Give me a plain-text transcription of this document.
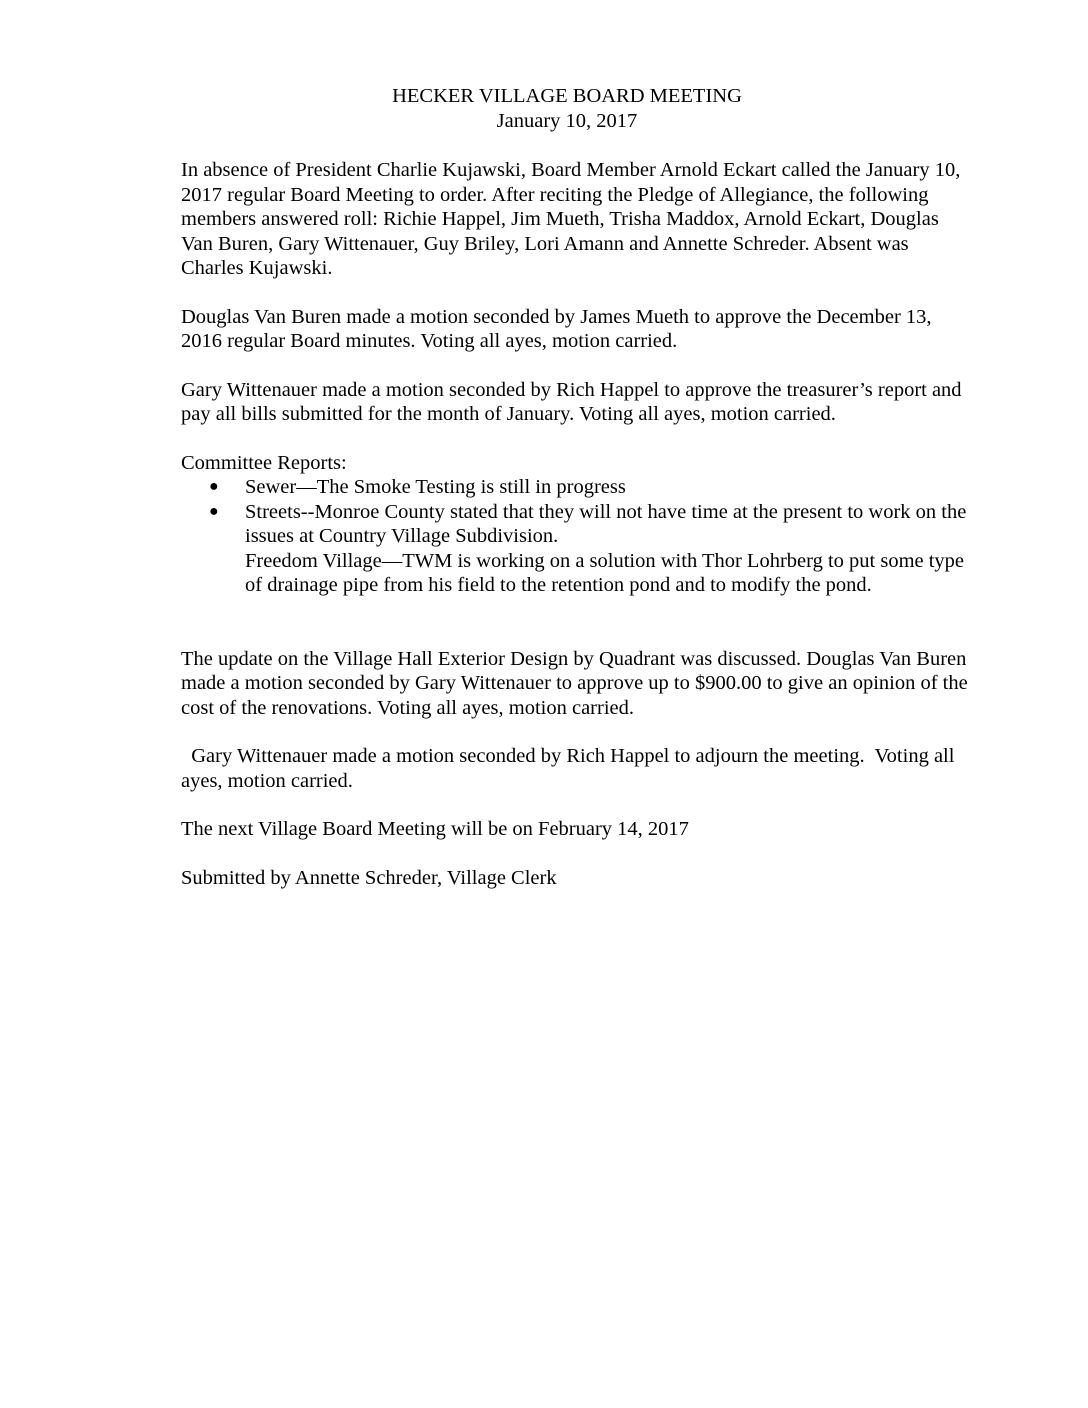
HECKER VILLAGE BOARD MEETING
January 10, 2017

In absence of President Charlie Kujawski, Board Member Arnold Eckart called the January 10, 2017 regular Board Meeting to order. After reciting the Pledge of Allegiance, the following members answered roll: Richie Happel, Jim Mueth, Trisha Maddox, Arnold Eckart, Douglas Van Buren, Gary Wittenauer, Guy Briley, Lori Amann and Annette Schreder. Absent was Charles Kujawski.

Douglas Van Buren made a motion seconded by James Mueth to approve the December 13, 2016 regular Board minutes. Voting all ayes, motion carried.

Gary Wittenauer made a motion seconded by Rich Happel to approve the treasurer’s report and pay all bills submitted for the month of January. Voting all ayes, motion carried.

Committee Reports:

● Sewer—The Smoke Testing is still in progress
● Streets--Monroe County stated that they will not have time at the present to work on the issues at Country Village Subdivision.

Freedom Village—TWM is working on a solution with Thor Lohrberg to put some type of drainage pipe from his field to the retention pond and to modify the pond.

The update on the Village Hall Exterior Design by Quadrant was discussed. Douglas Van Buren made a motion seconded by Gary Wittenauer to approve up to $900.00 to give an opinion of the cost of the renovations. Voting all ayes, motion carried.

Gary Wittenauer made a motion seconded by Rich Happel to adjourn the meeting.  Voting all ayes, motion carried.

The next Village Board Meeting will be on February 14, 2017

Submitted by Annette Schreder, Village Clerk
